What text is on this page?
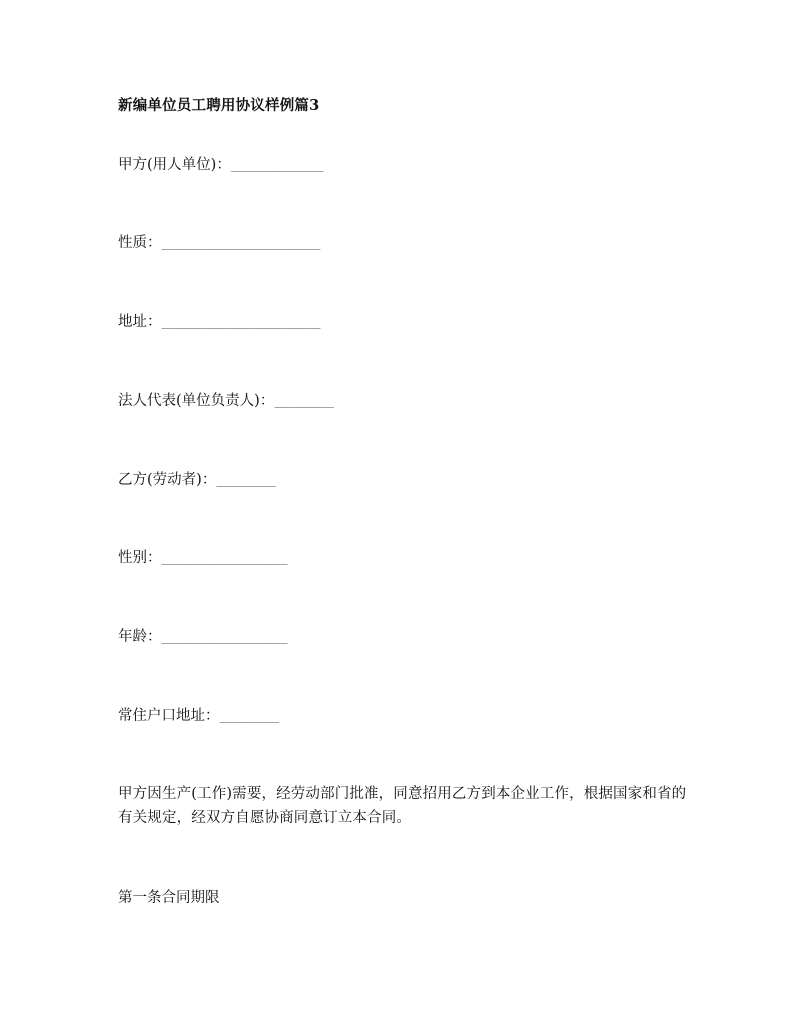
新编单位员工聘用协议样例篇3
甲方(用人单位)：______________
性质：________________________
地址：________________________
法人代表(单位负责人)：_________
乙方(劳动者)：_________
性别：___________________
年龄：___________________
常住户口地址：_________
甲方因生产(工作)需要，经劳动部门批准，同意招用乙方到本企业工作，根据国家和省的有关规定，经双方自愿协商同意订立本合同。
第一条合同期限
